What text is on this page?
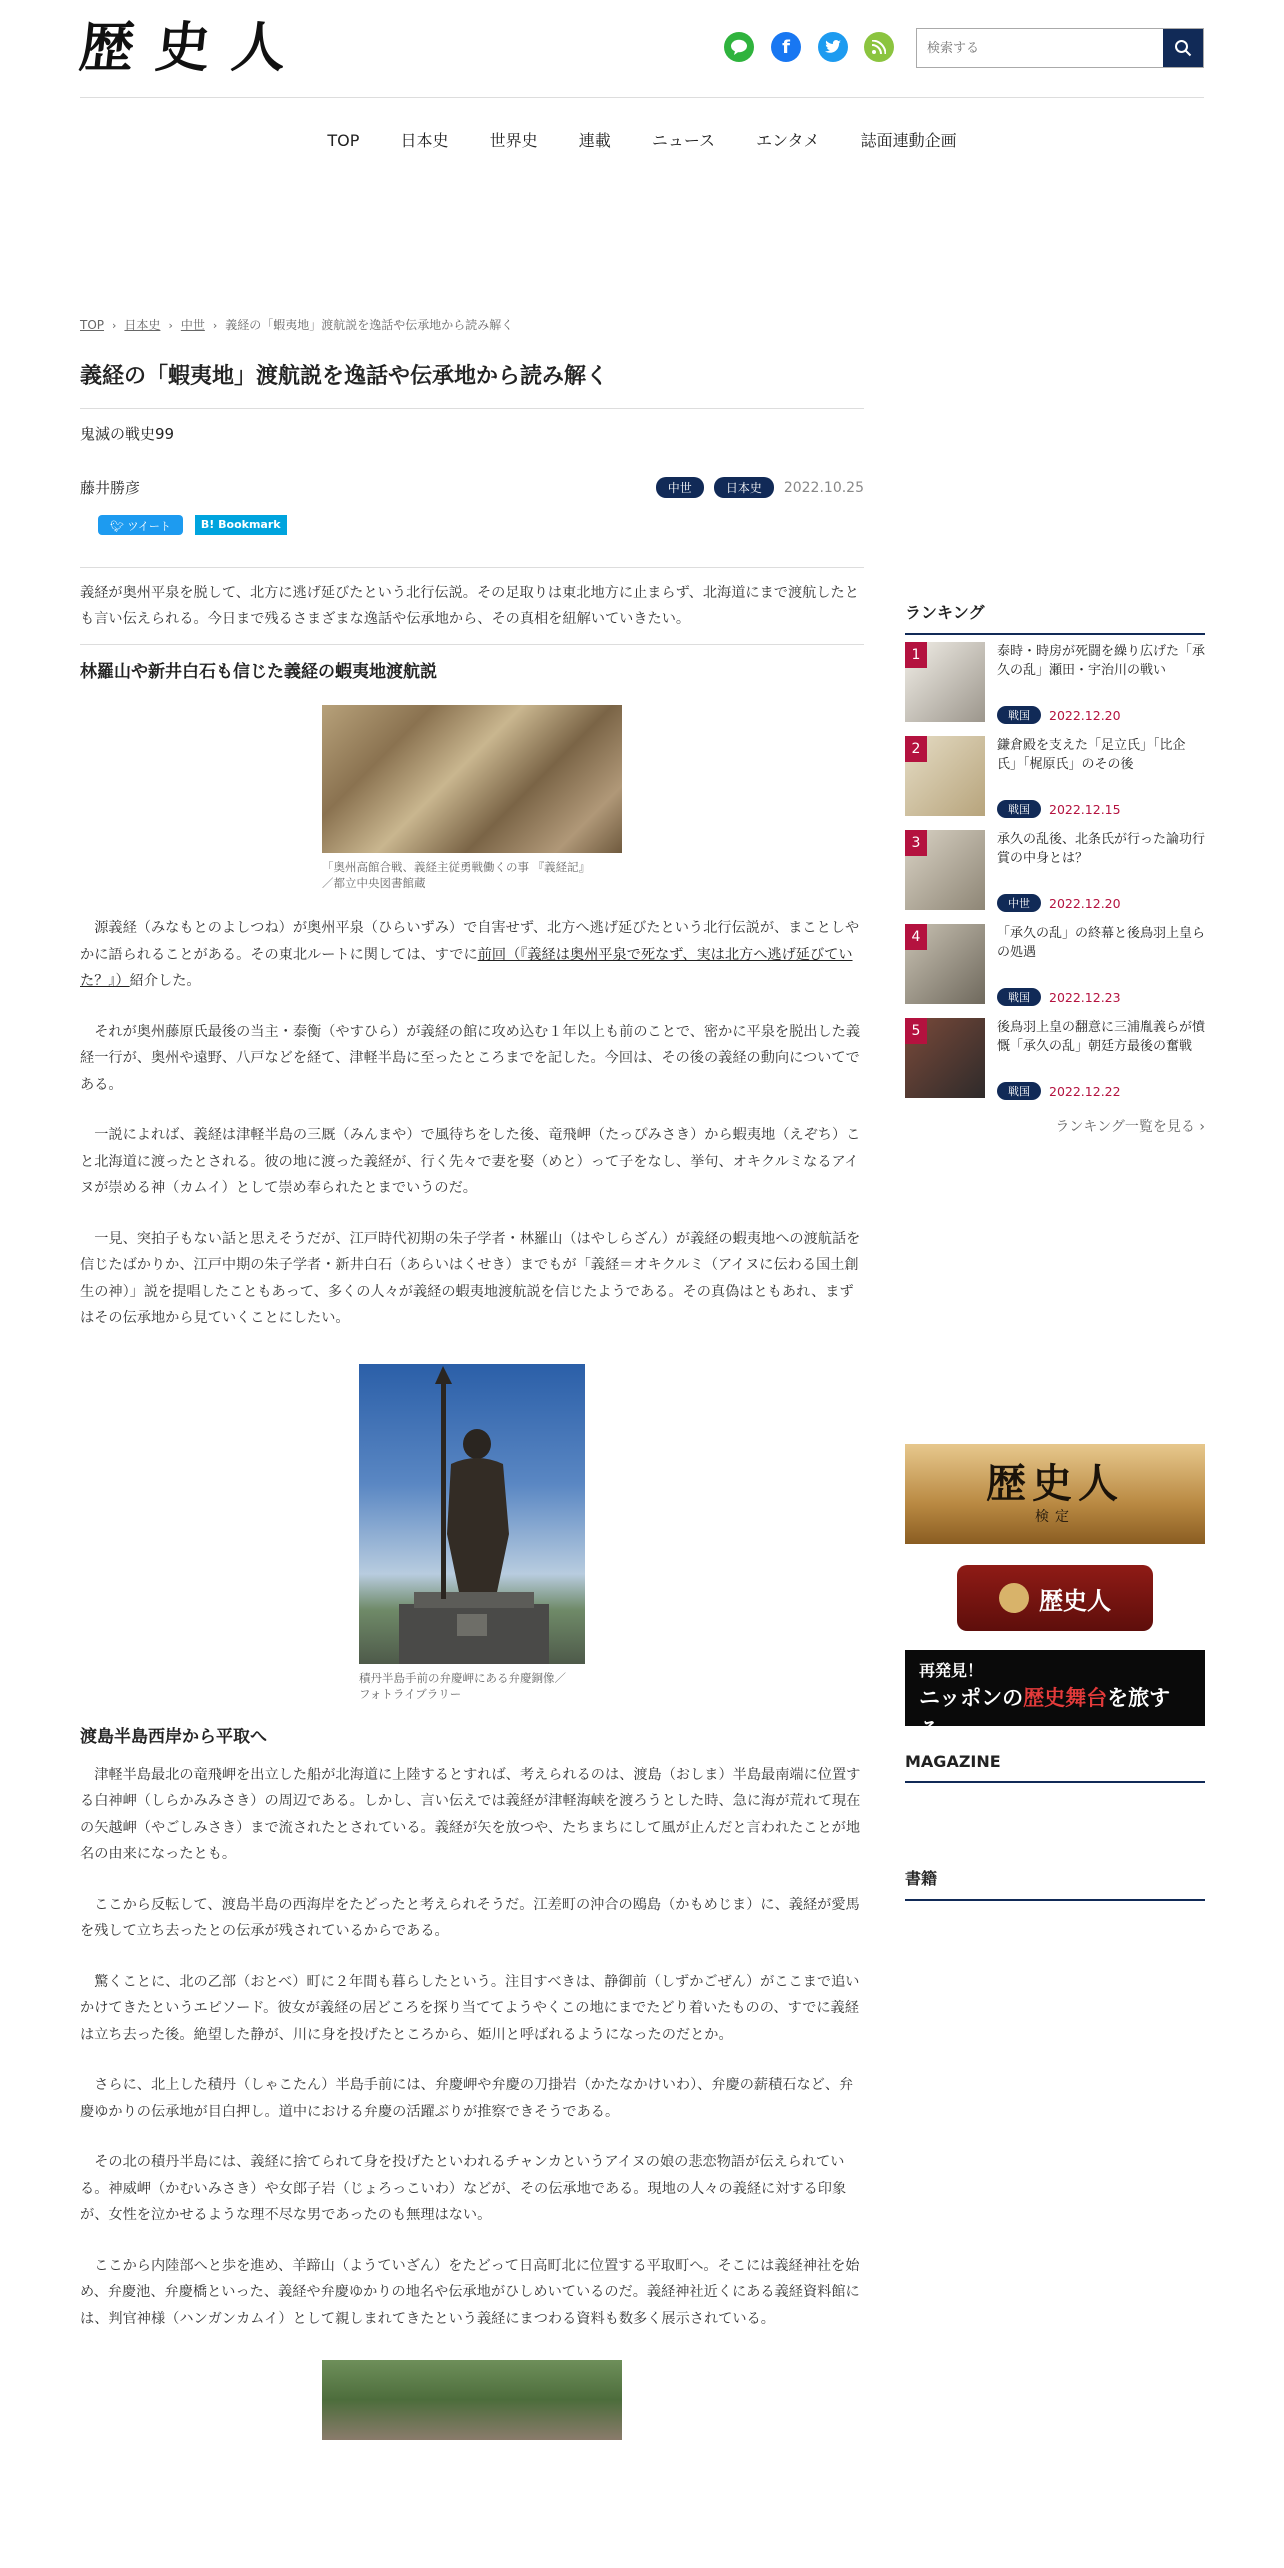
歴史人	f
検索する
TOP	日本史	世界史	連載	ニュース	エンタメ	誌面連動企画
TOP › 日本史 › 中世 › 義経の「蝦夷地」渡航説を逸話や伝承地から読み解く
義経の「蝦夷地」渡航説を逸話や伝承地から読み解く
鬼滅の戦史99
藤井勝彦	中世	日本史	2022.10.25
🐦︎ ツイート	B! Bookmark
義経が奥州平泉を脱して、北方に逃げ延びたという北行伝説。その足取りは東北地方に止まらず、北海道にまで渡航したとも言い伝えられる。今日まで残るさまざまな逸話や伝承地から、その真相を紐解いていきたい。
林羅山や新井白石も信じた義経の蝦夷地渡航説
「奥州高館合戦、義経主従勇戦働くの事 『義経記』
／都立中央図書館蔵

源義経（みなもとのよしつね）が奥州平泉（ひらいずみ）で自害せず、北方へ逃げ延びたという北行伝説が、まことしやかに語られることがある。その東北ルートに関しては、すでに前回（『義経は奥州平泉で死なず、実は北方へ逃げ延びていた？』）紹介した。

それが奥州藤原氏最後の当主・泰衡（やすひら）が義経の館に攻め込む１年以上も前のことで、密かに平泉を脱出した義経一行が、奥州や遠野、八戸などを経て、津軽半島に至ったところまでを記した。今回は、その後の義経の動向についてである。

一説によれば、義経は津軽半島の三厩（みんまや）で風待ちをした後、竜飛岬（たっぴみさき）から蝦夷地（えぞち）こと北海道に渡ったとされる。彼の地に渡った義経が、行く先々で妻を娶（めと）って子をなし、挙句、オキクルミなるアイヌが崇める神（カムイ）として崇め奉られたとまでいうのだ。

一見、突拍子もない話と思えそうだが、江戸時代初期の朱子学者・林羅山（はやしらざん）が義経の蝦夷地への渡航話を信じたばかりか、江戸中期の朱子学者・新井白石（あらいはくせき）までもが「義経＝オキクルミ（アイヌに伝わる国土創生の神）」説を提唱したこともあって、多くの人々が義経の蝦夷地渡航説を信じたようである。その真偽はともあれ、まずはその伝承地から見ていくことにしたい。

積丹半島手前の弁慶岬にある弁慶銅像／
フォトライブラリー
渡島半島西岸から平取へ

津軽半島最北の竜飛岬を出立した船が北海道に上陸するとすれば、考えられるのは、渡島（おしま）半島最南端に位置する白神岬（しらかみみさき）の周辺である。しかし、言い伝えでは義経が津軽海峡を渡ろうとした時、急に海が荒れて現在の矢越岬（やごしみさき）まで流されたとされている。義経が矢を放つや、たちまちにして風が止んだと言われたことが地名の由来になったとも。

ここから反転して、渡島半島の西海岸をたどったと考えられそうだ。江差町の沖合の鴎島（かもめじま）に、義経が愛馬を残して立ち去ったとの伝承が残されているからである。

驚くことに、北の乙部（おとべ）町に２年間も暮らしたという。注目すべきは、静御前（しずかごぜん）がここまで追いかけてきたというエピソード。彼女が義経の居どころを探り当ててようやくこの地にまでたどり着いたものの、すでに義経は立ち去った後。絶望した静が、川に身を投げたところから、姫川と呼ばれるようになったのだとか。

さらに、北上した積丹（しゃこたん）半島手前には、弁慶岬や弁慶の刀掛岩（かたなかけいわ）、弁慶の薪積石など、弁慶ゆかりの伝承地が目白押し。道中における弁慶の活躍ぶりが推察できそうである。

その北の積丹半島には、義経に捨てられて身を投げたといわれるチャンカというアイヌの娘の悲恋物語が伝えられている。神威岬（かむいみさき）や女郎子岩（じょろっこいわ）などが、その伝承地である。現地の人々の義経に対する印象が、女性を泣かせるような理不尽な男であったのも無理はない。

ここから内陸部へと歩を進め、羊蹄山（ようていざん）をたどって日高町北に位置する平取町へ。そこには義経神社を始め、弁慶池、弁慶橋といった、義経や弁慶ゆかりの地名や伝承地がひしめいているのだ。義経神社近くにある義経資料館には、判官神様（ハンガンカムイ）として親しまれてきたという義経にまつわる資料も数多く展示されている。

ランキング
1	泰時・時房が死闘を繰り広げた「承久の乱」瀬田・宇治川の戦い
戦国	2022.12.20
2	鎌倉殿を支えた「足立氏」「比企氏」「梶原氏」のその後
戦国	2022.12.15
3	承久の乱後、北条氏が行った論功行賞の中身とは？
中世	2022.12.20
4	「承久の乱」の終幕と後鳥羽上皇らの処遇
戦国	2022.12.23
5	後鳥羽上皇の翻意に三浦胤義らが憤慨「承久の乱」朝廷方最後の奮戦
戦国	2022.12.22
ランキング一覧を見る ›
歴史人
検定
歴史人
再発見！
ニッポンの歴史舞台を旅する
MAGAZINE
書籍
